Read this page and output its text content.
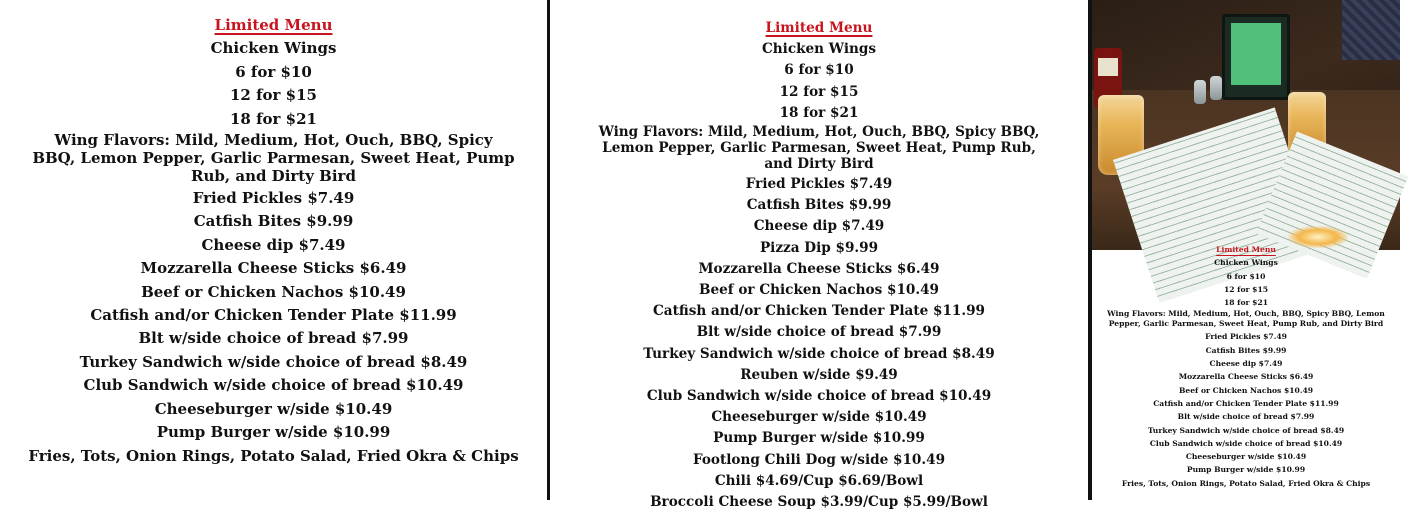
Limited Menu
Chicken Wings
6 for $10
12 for $15
18 for $21
Wing Flavors: Mild, Medium, Hot, Ouch, BBQ, Spicy BBQ, Lemon Pepper, Garlic Parmesan, Sweet Heat, Pump Rub, and Dirty Bird
Fried Pickles $7.49
Catfish Bites $9.99
Cheese dip $7.49
Mozzarella Cheese Sticks $6.49
Beef or Chicken Nachos $10.49
Catfish and/or Chicken Tender Plate $11.99
Blt w/side choice of bread $7.99
Turkey Sandwich w/side choice of bread $8.49
Club Sandwich w/side choice of bread $10.49
Cheeseburger w/side $10.49
Pump Burger w/side $10.99
Fries, Tots, Onion Rings, Potato Salad, Fried Okra & Chips
Limited Menu
Chicken Wings
6 for $10
12 for $15
18 for $21
Wing Flavors: Mild, Medium, Hot, Ouch, BBQ, Spicy BBQ, Lemon Pepper, Garlic Parmesan, Sweet Heat, Pump Rub, and Dirty Bird
Fried Pickles $7.49
Catfish Bites $9.99
Cheese dip $7.49
Pizza Dip $9.99
Mozzarella Cheese Sticks $6.49
Beef or Chicken Nachos $10.49
Catfish and/or Chicken Tender Plate $11.99
Blt w/side choice of bread $7.99
Turkey Sandwich w/side choice of bread $8.49
Reuben w/side $9.49
Club Sandwich w/side choice of bread $10.49
Cheeseburger w/side $10.49
Pump Burger w/side $10.99
Footlong Chili Dog w/side $10.49
Chili $4.69/Cup $6.69/Bowl
Broccoli Cheese Soup $3.99/Cup $5.99/Bowl
Limited Menu
Chicken Wings
6 for $10
12 for $15
18 for $21
Wing Flavors: Mild, Medium, Hot, Ouch, BBQ, Spicy BBQ, Lemon Pepper, Garlic Parmesan, Sweet Heat, Pump Rub, and Dirty Bird
Fried Pickles $7.49
Catfish Bites $9.99
Cheese dip $7.49
Mozzarella Cheese Sticks $6.49
Beef or Chicken Nachos $10.49
Catfish and/or Chicken Tender Plate $11.99
Blt w/side choice of bread $7.99
Turkey Sandwich w/side choice of bread $8.49
Club Sandwich w/side choice of bread $10.49
Cheeseburger w/side $10.49
Pump Burger w/side $10.99
Fries, Tots, Onion Rings, Potato Salad, Fried Okra & Chips
